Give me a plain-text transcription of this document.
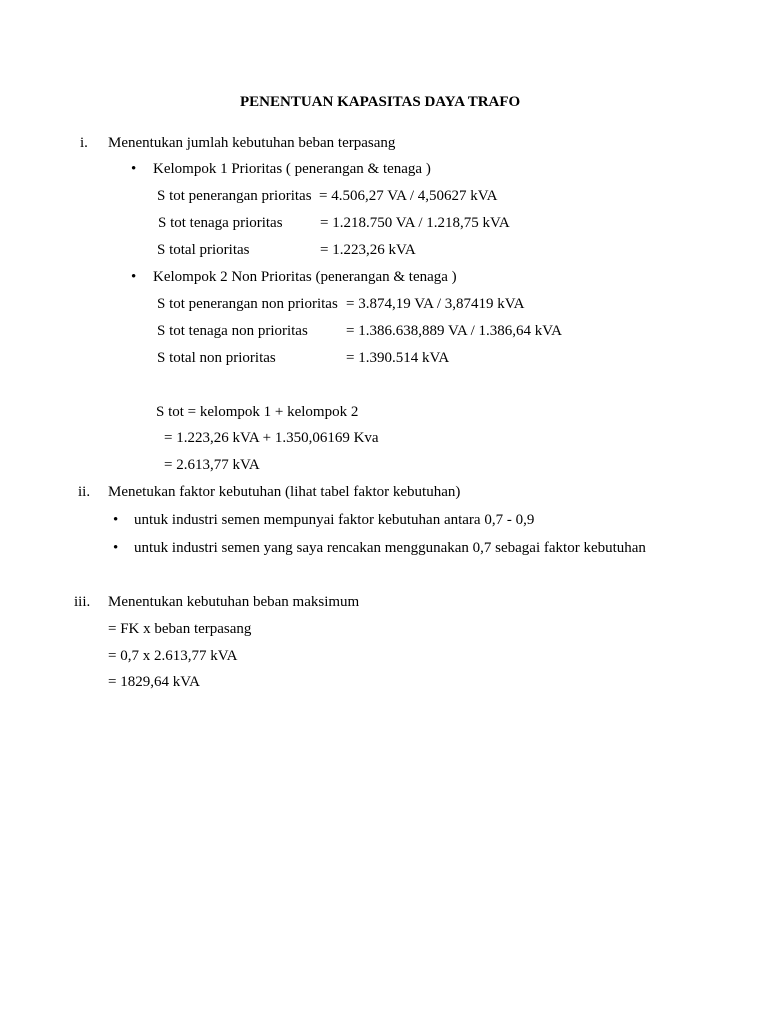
PENENTUAN KAPASITAS DAYA TRAFO
i. Menentukan jumlah kebutuhan beban terpasang
• Kelompok 1 Prioritas ( penerangan & tenaga )
S tot penerangan prioritas = 4.506,27 VA / 4,50627 kVA
S tot tenaga prioritas = 1.218.750 VA / 1.218,75 kVA
S total prioritas	= 1.223,26 kVA
• Kelompok 2 Non Prioritas (penerangan & tenaga )
S tot penerangan non prioritas = 3.874,19 VA / 3,87419 kVA
S tot tenaga non prioritas	= 1.386.638,889 VA / 1.386,64 kVA
S total non prioritas	= 1.390.514 kVA
S tot = kelompok 1 + kelompok 2
= 1.223,26 kVA + 1.350,06169 Kva
= 2.613,77 kVA
ii. Menetukan faktor kebutuhan (lihat tabel faktor kebutuhan)
• untuk industri semen mempunyai faktor kebutuhan antara 0,7 - 0,9
• untuk industri semen yang saya rencakan menggunakan 0,7 sebagai faktor kebutuhan
iii. Menentukan kebutuhan beban maksimum
= FK x beban terpasang
= 0,7 x 2.613,77 kVA
= 1829,64 kVA
